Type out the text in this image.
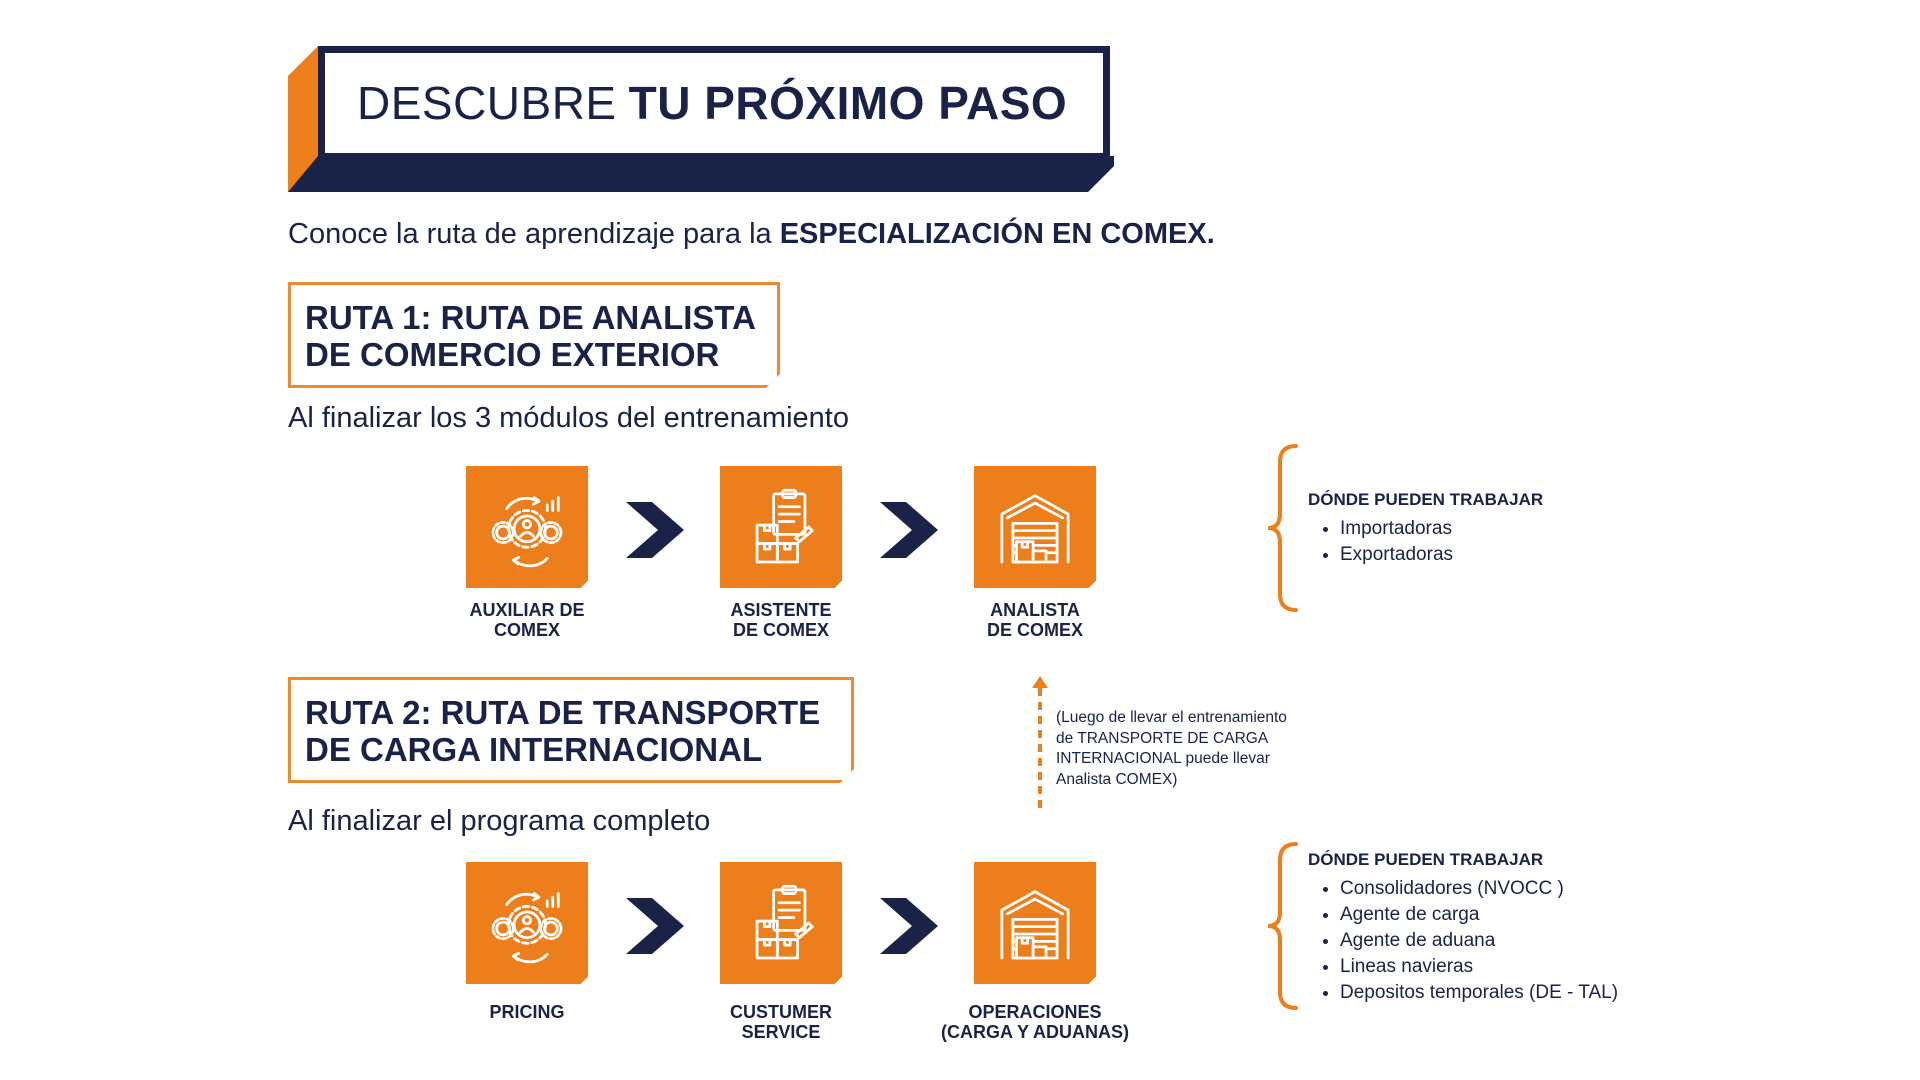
DESCUBRE TU PRÓXIMO PASO
Conoce la ruta de aprendizaje para la ESPECIALIZACIÓN EN COMEX.
RUTA 1: RUTA DE ANALISTA
DE COMERCIO EXTERIOR
Al finalizar los 3 módulos del entrenamiento
AUXILIAR DE
COMEX
ASISTENTE
DE COMEX
ANALISTA
DE COMEX
DÓNDE PUEDEN TRABAJAR
• Importadoras
• Exportadoras
(Luego de llevar el entrenamiento
de TRANSPORTE DE CARGA
INTERNACIONAL puede llevar
Analista COMEX)
RUTA 2: RUTA DE TRANSPORTE
DE CARGA INTERNACIONAL
Al finalizar el programa completo
PRICING	CUSTUMER
SERVICE
OPERACIONES
(CARGA Y ADUANAS)
DÓNDE PUEDEN TRABAJAR
• Consolidadores (NVOCC )
• Agente de carga
• Agente de aduana
• Lineas navieras
• Depositos temporales (DE - TAL)
